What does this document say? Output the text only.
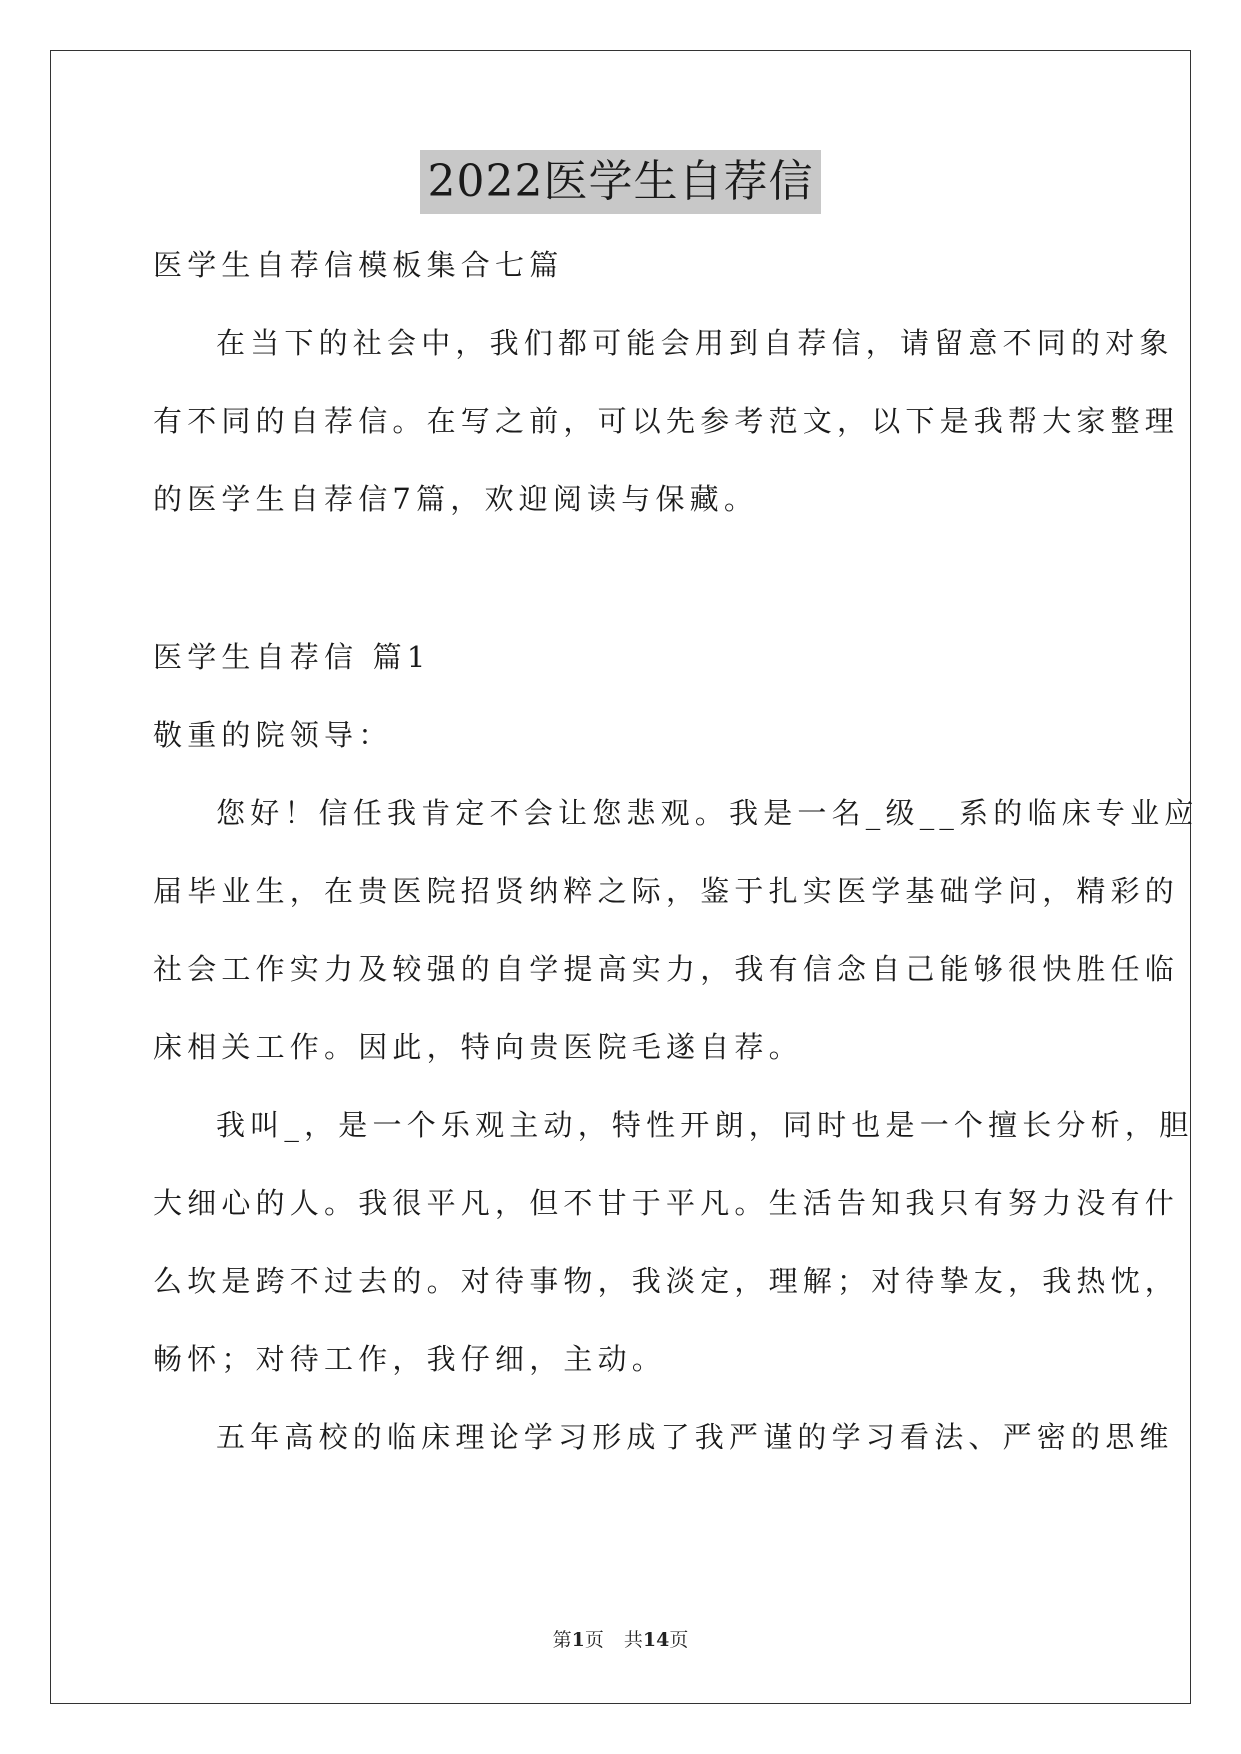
2022医学生自荐信

医学生自荐信模板集合七篇

在当下的社会中，我们都可能会用到自荐信，请留意不同的对象

有不同的自荐信。在写之前，可以先参考范文，以下是我帮大家整理

的医学生自荐信7篇，欢迎阅读与保藏。

医学生自荐信 篇1

敬重的院领导：

您好！信任我肯定不会让您悲观。我是一名_级__系的临床专业应

届毕业生，在贵医院招贤纳粹之际，鉴于扎实医学基础学问，精彩的

社会工作实力及较强的自学提高实力，我有信念自己能够很快胜任临

床相关工作。因此，特向贵医院毛遂自荐。

我叫_，是一个乐观主动，特性开朗，同时也是一个擅长分析，胆

大细心的人。我很平凡，但不甘于平凡。生活告知我只有努力没有什

么坎是跨不过去的。对待事物，我淡定，理解；对待挚友，我热忱，

畅怀；对待工作，我仔细，主动。

五年高校的临床理论学习形成了我严谨的学习看法、严密的思维

第1页 共14页
